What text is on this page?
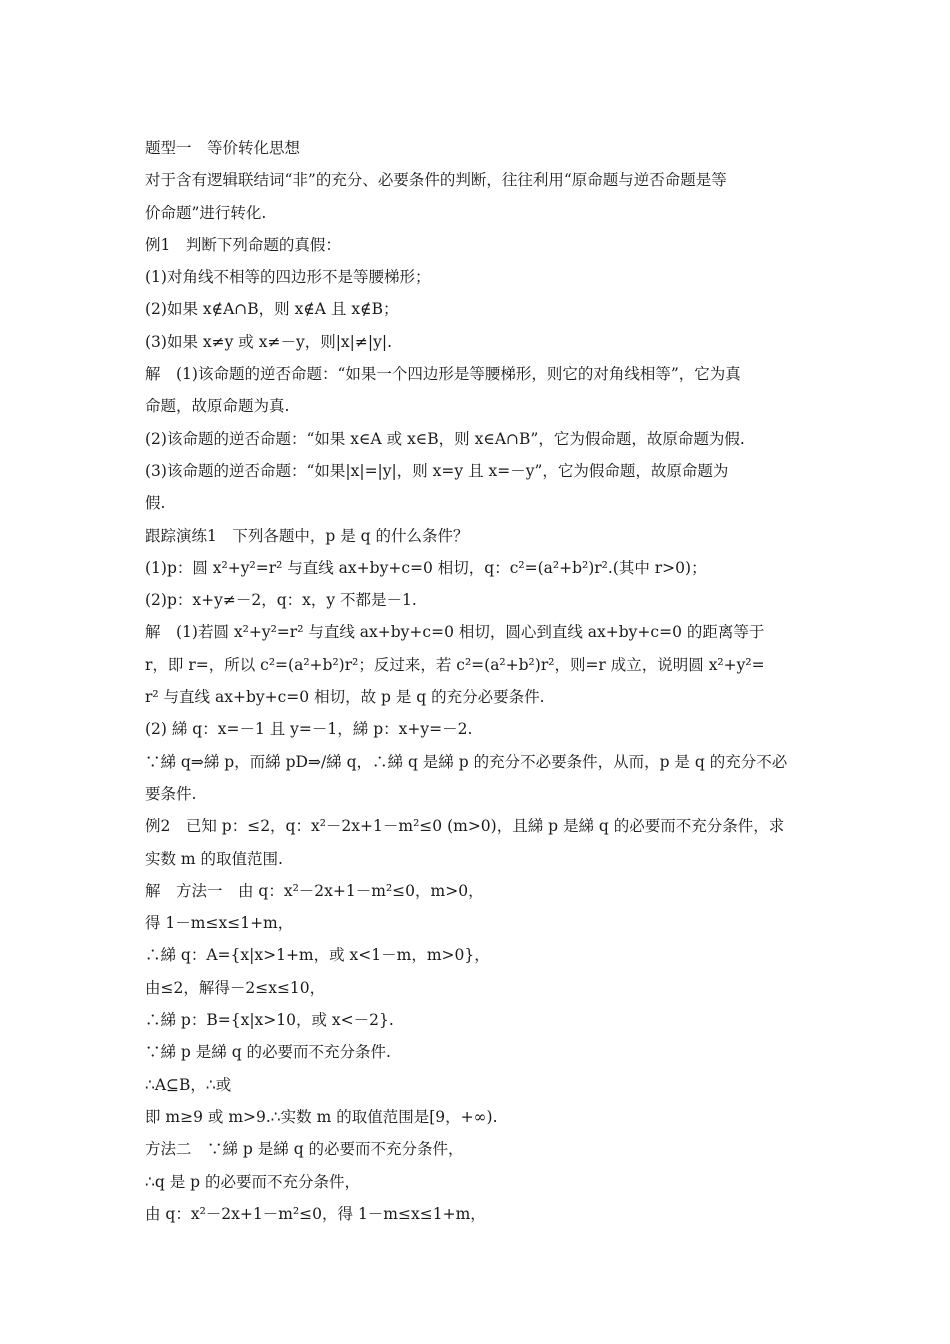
题型一　等价转化思想
对于含有逻辑联结词“非”的充分、必要条件的判断，往往利用“原命题与逆否命题是等
价命题”进行转化.
例1　判断下列命题的真假：
(1)对角线不相等的四边形不是等腰梯形；
(2)如果 x∉A∩B，则 x∉A 且 x∉B；
(3)如果 x≠y 或 x≠－y，则|x|≠|y|.
解　(1)该命题的逆否命题：“如果一个四边形是等腰梯形，则它的对角线相等”，它为真
命题，故原命题为真.
(2)该命题的逆否命题：“如果 x∈A 或 x∈B，则 x∈A∩B”，它为假命题，故原命题为假.
(3)该命题的逆否命题：“如果|x|=|y|，则 x=y 且 x=－y”，它为假命题，故原命题为
假.
跟踪演练1　下列各题中，p 是 q 的什么条件？
(1)p：圆 x²+y²=r² 与直线 ax+by+c=0 相切，q：c²=(a²+b²)r².(其中 r>0)；
(2)p：x+y≠－2，q：x，y 不都是－1.
解　(1)若圆 x²+y²=r² 与直线 ax+by+c=0 相切，圆心到直线 ax+by+c=0 的距离等于
r，即 r=，所以 c²=(a²+b²)r²；反过来，若 c²=(a²+b²)r²，则=r 成立，说明圆 x²+y²=
r² 与直线 ax+by+c=0 相切，故 p 是 q 的充分必要条件.
(2) 綈 q：x=－1 且 y=－1，綈 p：x+y=－2.
∵綈 q⇒綈 p，而綈 pD⇒/綈 q，∴綈 q 是綈 p 的充分不必要条件，从而，p 是 q 的充分不必
要条件.
例2　已知 p：≤2，q：x²－2x+1－m²≤0 (m>0)，且綈 p 是綈 q 的必要而不充分条件，求
实数 m 的取值范围.
解　方法一　由 q：x²－2x+1－m²≤0，m>0，
得 1－m≤x≤1+m，
∴綈 q：A={x|x>1+m，或 x<1－m，m>0}，
由≤2，解得－2≤x≤10，
∴綈 p：B={x|x>10，或 x<－2}.
∵綈 p 是綈 q 的必要而不充分条件.
∴A⊆B，∴或
即 m≥9 或 m>9.∴实数 m 的取值范围是[9，+∞).
方法二　∵綈 p 是綈 q 的必要而不充分条件，
∴q 是 p 的必要而不充分条件，
由 q：x²－2x+1－m²≤0，得 1－m≤x≤1+m，
